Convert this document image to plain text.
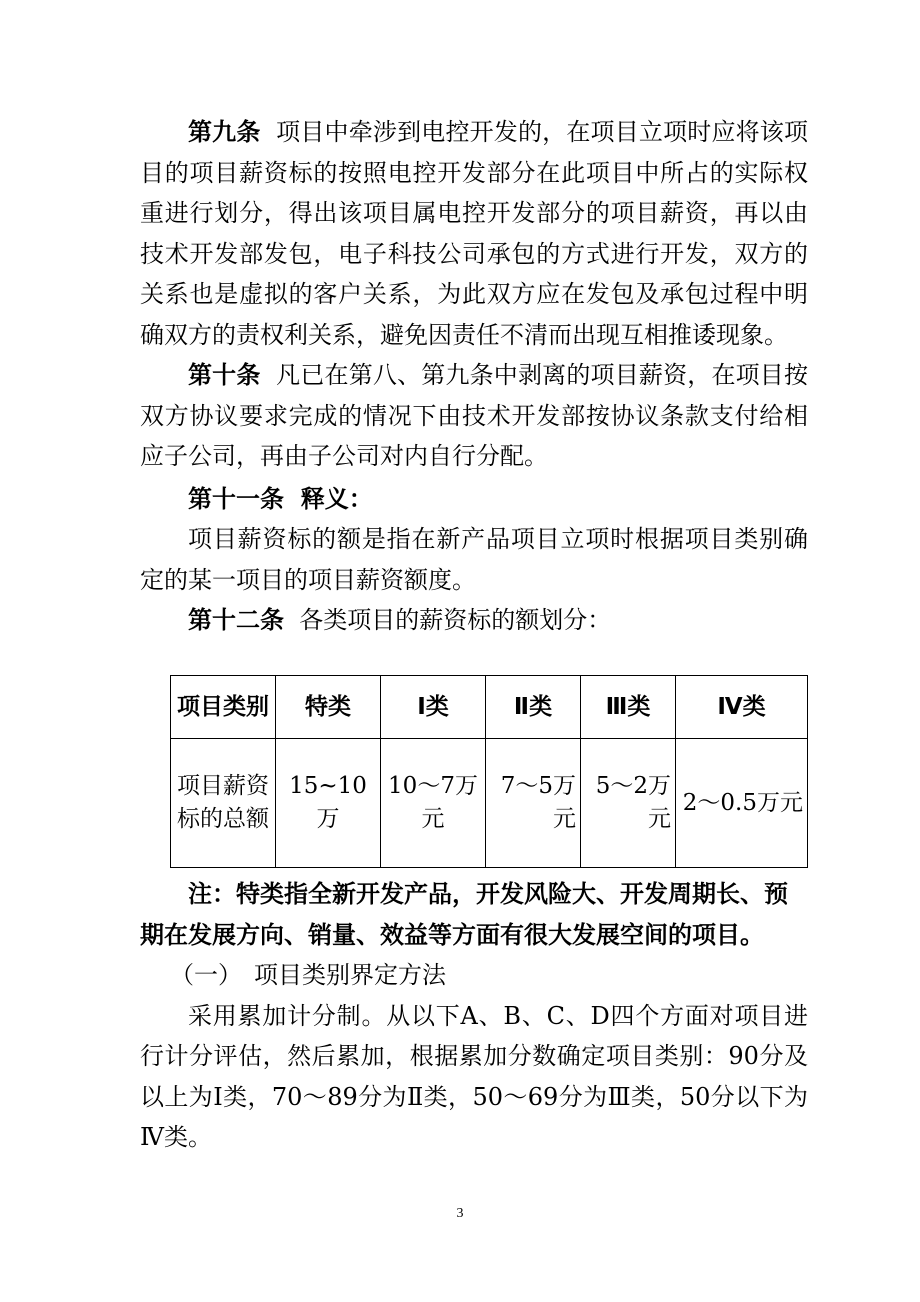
第九条 项目中牵涉到电控开发的，在项目立项时应将该项目的项目薪资标的按照电控开发部分在此项目中所占的实际权重进行划分，得出该项目属电控开发部分的项目薪资，再以由技术开发部发包，电子科技公司承包的方式进行开发，双方的关系也是虚拟的客户关系，为此双方应在发包及承包过程中明确双方的责权利关系，避免因责任不清而出现互相推诿现象。

第十条 凡已在第八、第九条中剥离的项目薪资，在项目按双方协议要求完成的情况下由技术开发部按协议条款支付给相应子公司，再由子公司对内自行分配。

第十一条 释义：

项目薪资标的额是指在新产品项目立项时根据项目类别确定的某一项目的项目薪资额度。

第十二条 各类项目的薪资标的额划分：

项目类别	特类	Ⅰ类	Ⅱ类	Ⅲ类	Ⅳ类
项目薪资标的总额	15~10万	10～7万元	7～5万元	5～2万元	2～0.5万元

注：特类指全新开发产品，开发风险大、开发周期长、预期在发展方向、销量、效益等方面有很大发展空间的项目。

（一）　项目类别界定方法

采用累加计分制。从以下A、B、C、D四个方面对项目进行计分评估，然后累加，根据累加分数确定项目类别：90分及以上为Ⅰ类，70～89分为Ⅱ类，50～69分为Ⅲ类，50分以下为Ⅳ类。

3
